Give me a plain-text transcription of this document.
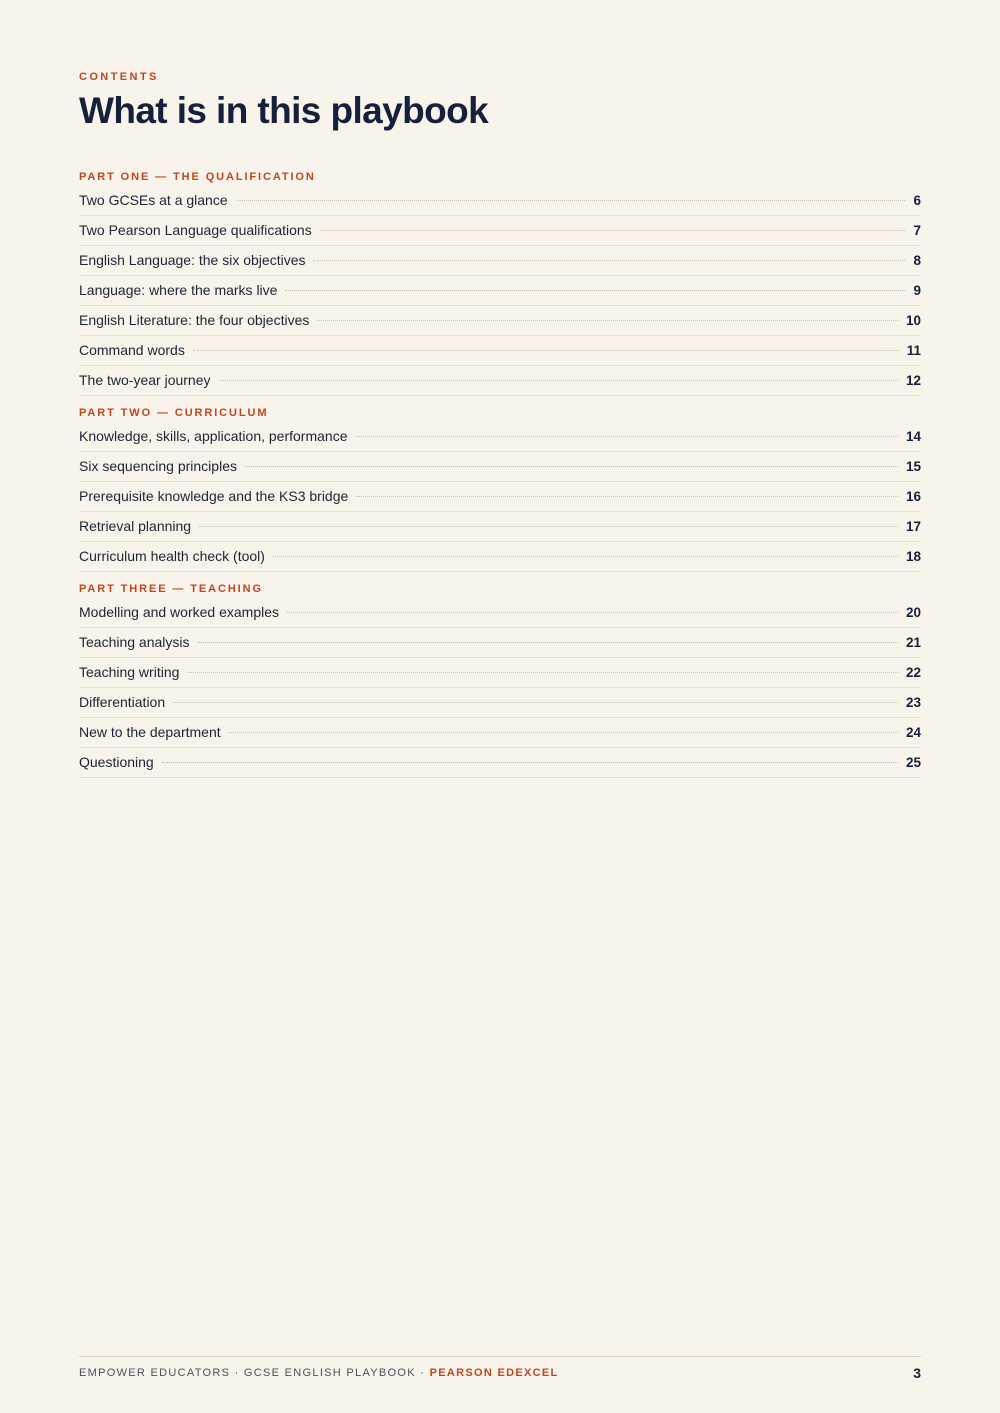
CONTENTS
What is in this playbook
PART ONE — THE QUALIFICATION
Two GCSEs at a glance	6
Two Pearson Language qualifications	7
English Language: the six objectives	8
Language: where the marks live	9
English Literature: the four objectives	10
Command words	11
The two-year journey	12
PART TWO — CURRICULUM
Knowledge, skills, application, performance	14
Six sequencing principles	15
Prerequisite knowledge and the KS3 bridge	16
Retrieval planning	17
Curriculum health check (tool)	18
PART THREE — TEACHING
Modelling and worked examples	20
Teaching analysis	21
Teaching writing	22
Differentiation	23
New to the department	24
Questioning	25
EMPOWER EDUCATORS · GCSE ENGLISH PLAYBOOK · PEARSON EDEXCEL	3
